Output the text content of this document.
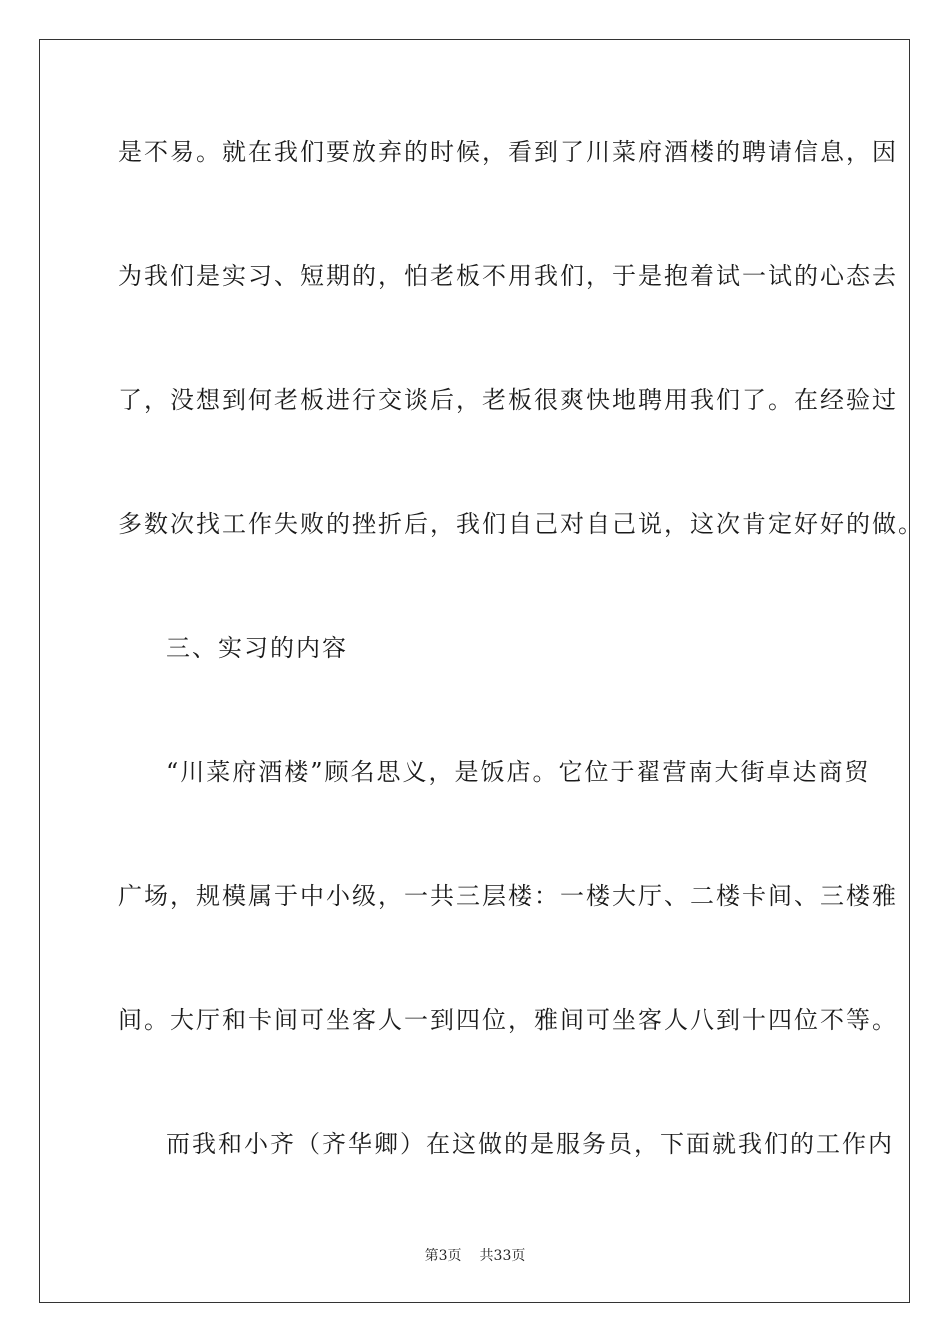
是不易。就在我们要放弃的时候，看到了川菜府酒楼的聘请信息，因
为我们是实习、短期的，怕老板不用我们，于是抱着试一试的心态去
了，没想到何老板进行交谈后，老板很爽快地聘用我们了。在经验过
多数次找工作失败的挫折后，我们自己对自己说，这次肯定好好的做。
三、实习的内容
“川菜府酒楼”顾名思义，是饭店。它位于翟营南大街卓达商贸
广场，规模属于中小级，一共三层楼：一楼大厅、二楼卡间、三楼雅
间。大厅和卡间可坐客人一到四位，雅间可坐客人八到十四位不等。
而我和小齐（齐华卿）在这做的是服务员，下面就我们的工作内
第3页 共33页
